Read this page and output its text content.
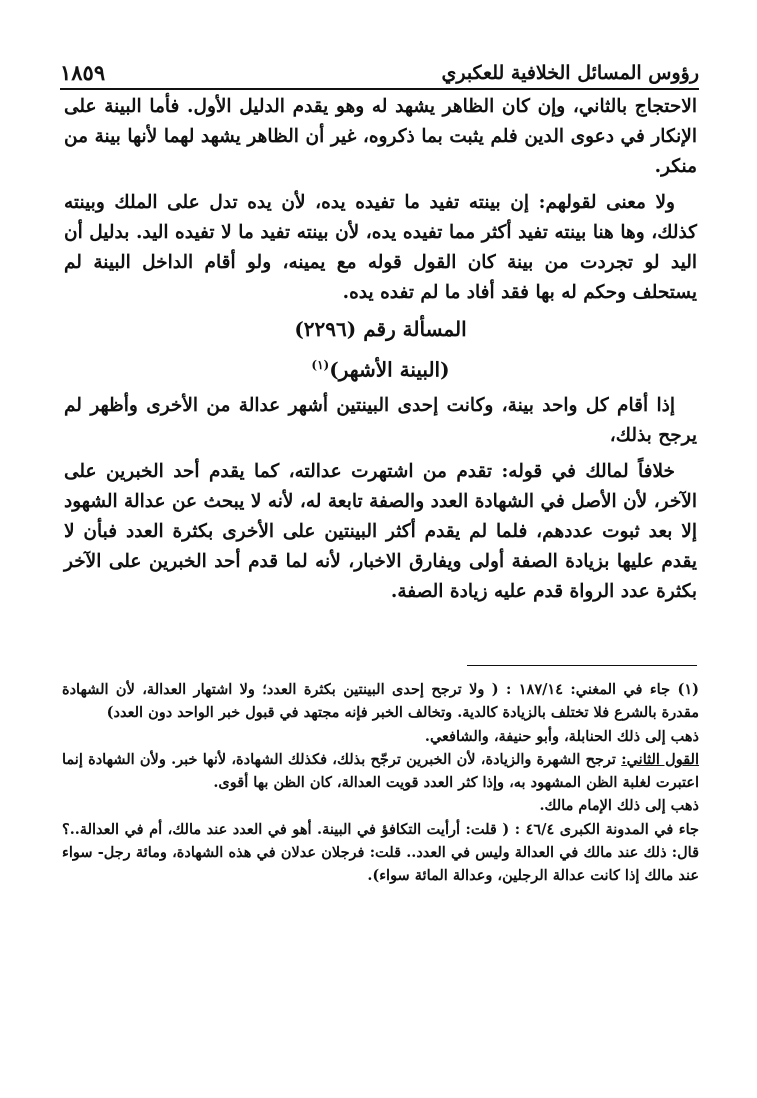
رؤوس المسائل الخلافية للعكبري
١٨٥٩

الاحتجاج بالثاني، وإن كان الظاهر يشهد له وهو يقدم الدليل الأول. فأما البينة على الإنكار في دعوى الدين فلم يثبت بما ذكروه، غير أن الظاهر يشهد لهما لأنها بينة من منكر.

ولا معنى لقولهم: إن بينته تفيد ما تفيده يده، لأن يده تدل على الملك وبينته كذلك، وها هنا بينته تفيد أكثر مما تفيده يده، لأن بينته تفيد ما لا تفيده اليد. بدليل أن اليد لو تجردت من بينة كان القول قوله مع يمينه، ولو أقام الداخل البينة لم يستحلف وحكم له بها فقد أفاد ما لم تفده يده.

المسألة رقم (٢٢٩٦)

(البينة الأشهر)$^{(١)}$

إذا أقام كل واحد بينة، وكانت إحدى البينتين أشهر عدالة من الأخرى وأظهر لم يرجح بذلك،

خلافاً لمالك في قوله: تقدم من اشتهرت عدالته، كما يقدم أحد الخبرين على الآخر، لأن الأصل في الشهادة العدد والصفة تابعة له، لأنه لا يبحث عن عدالة الشهود إلا بعد ثبوت عددهم، فلما لم يقدم أكثر البينتين على الأخرى بكثرة العدد فبأن لا يقدم عليها بزيادة الصفة أولى ويفارق الاخبار، لأنه لما قدم أحد الخبرين على الآخر بكثرة عدد الرواة قدم عليه زيادة الصفة.

(١) جاء في المغني: ١٨٧/١٤ : ( ولا ترجح إحدى البينتين بكثرة العدد؛ ولا اشتهار العدالة، لأن الشهادة مقدرة بالشرع فلا تختلف بالزيادة كالدية. وتخالف الخبر فإنه مجتهد في قبول خبر الواحد دون العدد)

ذهب إلى ذلك الحنابلة، وأبو حنيفة، والشافعي.

القول الثاني: ترجح الشهرة والزيادة، لأن الخبرين ترجّح بذلك، فكذلك الشهادة، لأنها خبر. ولأن الشهادة إنما اعتبرت لغلبة الظن المشهود به، وإذا كثر العدد قويت العدالة، كان الظن بها أقوى.

ذهب إلى ذلك الإمام مالك.

جاء في المدونة الكبرى ٤٦/٤ : ( قلت: أرأيت التكافؤ في البينة. أهو في العدد عند مالك، أم في العدالة..؟ قال: ذلك عند مالك في العدالة وليس في العدد.. قلت: فرجلان عدلان في هذه الشهادة، ومائة رجل- سواء عند مالك إذا كانت عدالة الرجلين، وعدالة المائة سواء).
